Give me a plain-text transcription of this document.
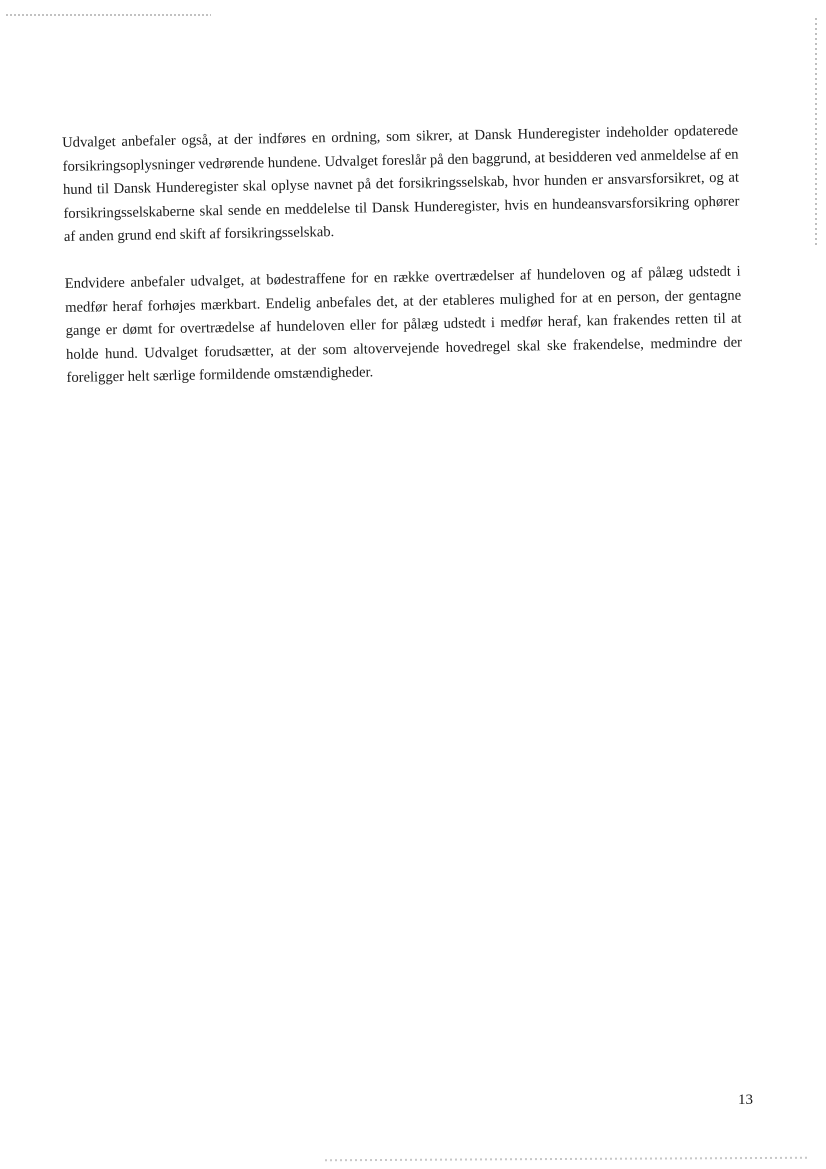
Udvalget anbefaler også, at der indføres en ordning, som sikrer, at Dansk Hunderegister indeholder opdaterede forsikringsoplysninger vedrørende hundene. Udvalget foreslår på den baggrund, at besidderen ved anmeldelse af en hund til Dansk Hunderegister skal oplyse navnet på det forsikringsselskab, hvor hunden er ansvarsforsikret, og at forsikringsselskaberne skal sende en meddelelse til Dansk Hunderegister, hvis en hundeansvarsforsikring ophører af anden grund end skift af forsikringsselskab.

Endvidere anbefaler udvalget, at bødestraffene for en række overtrædelser af hundeloven og af pålæg udstedt i medfør heraf forhøjes mærkbart. Endelig anbefales det, at der etableres mulighed for at en person, der gentagne gange er dømt for overtrædelse af hundeloven eller for pålæg udstedt i medfør heraf, kan frakendes retten til at holde hund. Udvalget forudsætter, at der som altovervejende hovedregel skal ske frakendelse, medmindre der foreligger helt særlige formildende omstændigheder.

13
